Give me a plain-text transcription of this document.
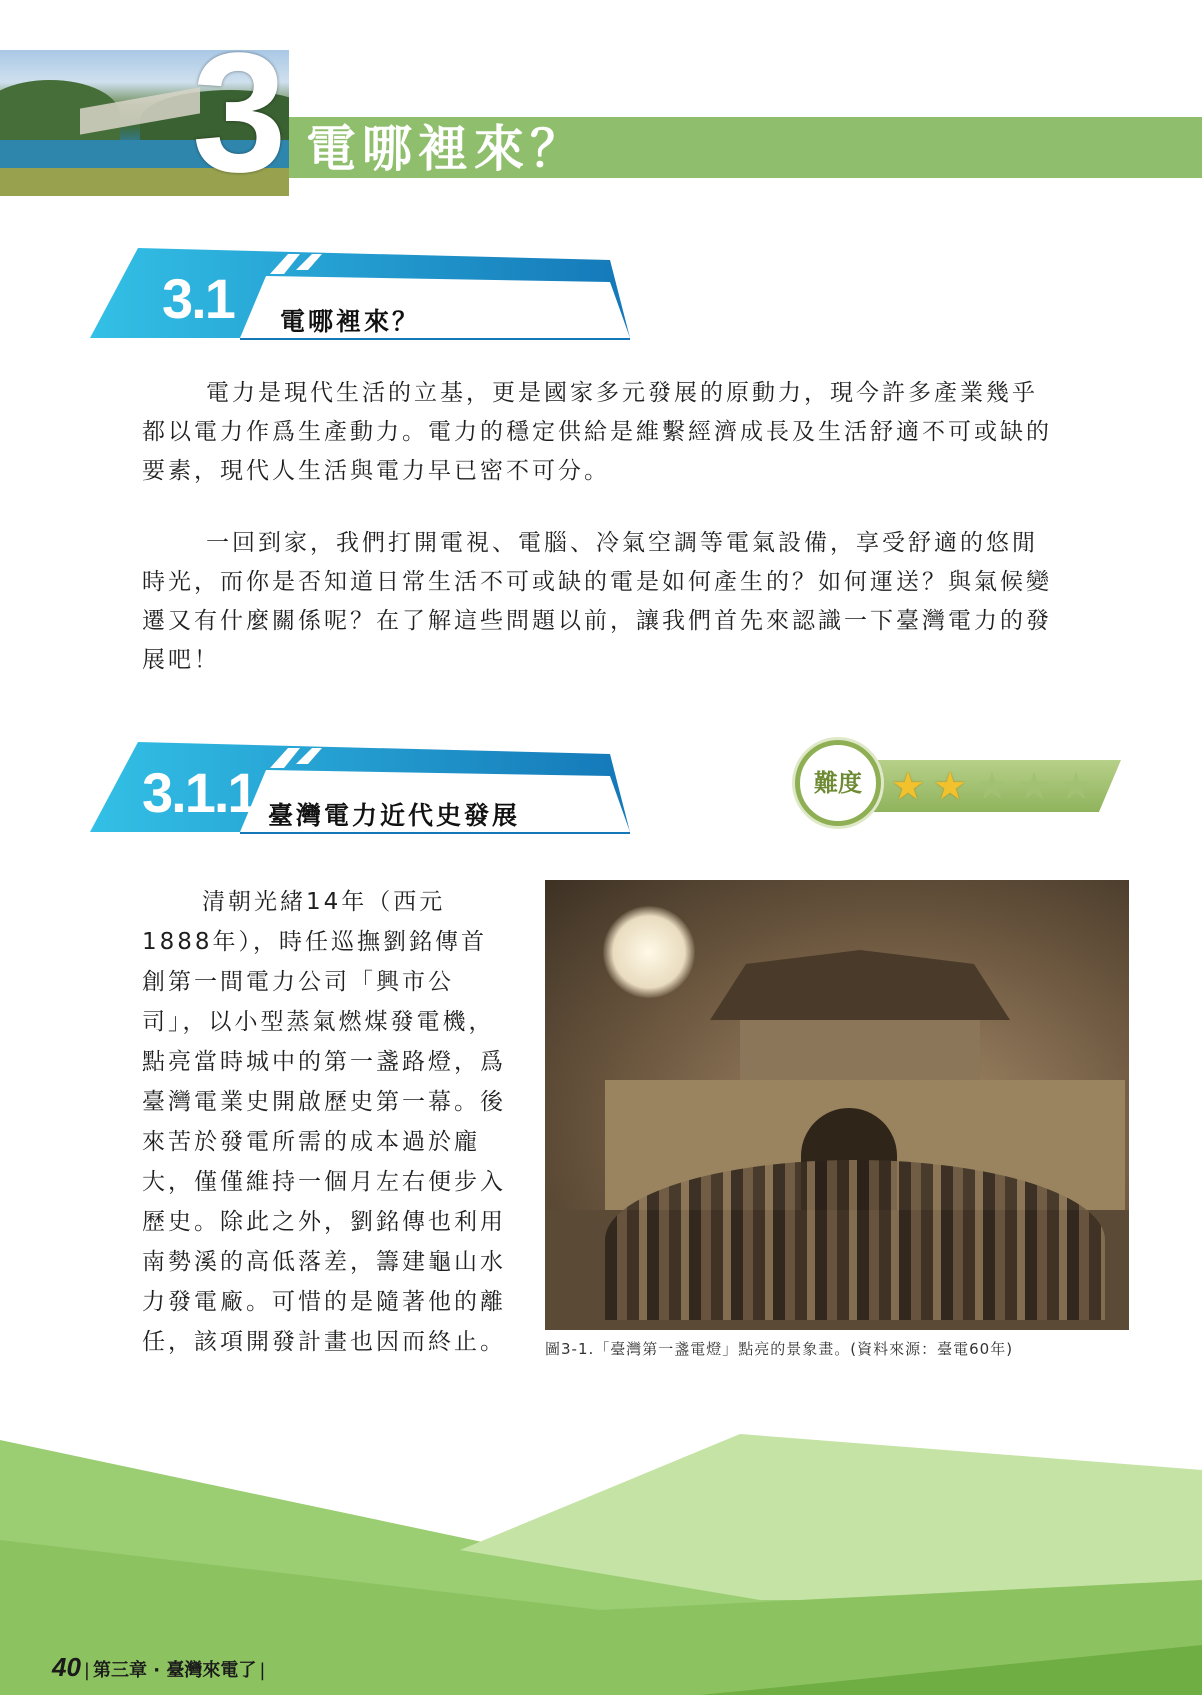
3 電哪裡來？
3.1 電哪裡來？

電力是現代生活的立基，更是國家多元發展的原動力，現今許多產業幾乎都以電力作爲生產動力。電力的穩定供給是維繫經濟成長及生活舒適不可或缺的要素，現代人生活與電力早已密不可分。

一回到家，我們打開電視、電腦、冷氣空調等電氣設備，享受舒適的悠閒時光，而你是否知道日常生活不可或缺的電是如何產生的？如何運送？與氣候變遷又有什麼關係呢？在了解這些問題以前，讓我們首先來認識一下臺灣電力的發展吧！

3.1.1 臺灣電力近代史發展
★ ★ ★ ★ ★
難度

清朝光緒14年（西元1888年），時任巡撫劉銘傳首創第一間電力公司「興市公司」，以小型蒸氣燃煤發電機，點亮當時城中的第一盞路燈，爲臺灣電業史開啟歷史第一幕。後來苦於發電所需的成本過於龐大，僅僅維持一個月左右便步入歷史。除此之外，劉銘傳也利用南勢溪的高低落差，籌建龜山水力發電廠。可惜的是隨著他的離任，該項開發計畫也因而終止。	圖3-1.「臺灣第一盞電燈」點亮的景象畫。(資料來源：臺電60年)
40 | 第三章 · 臺灣來電了 |
